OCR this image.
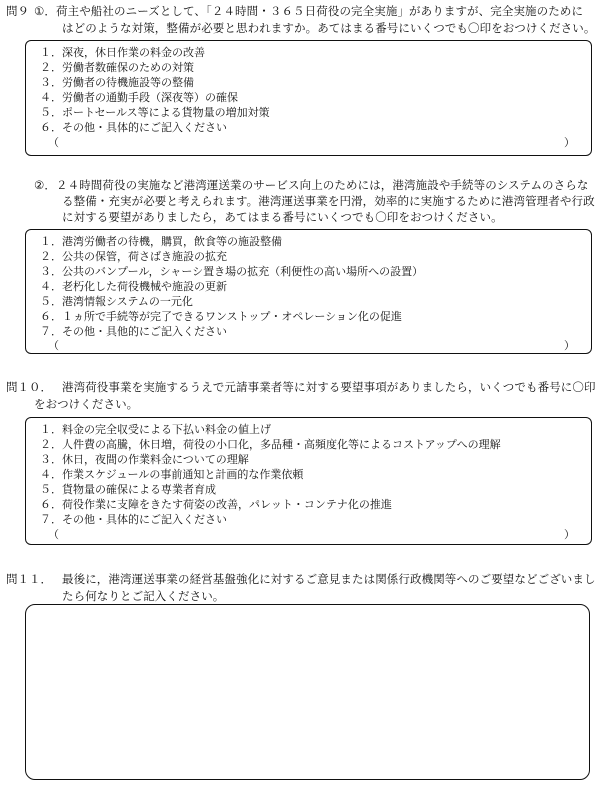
問９ ①．荷主や船社のニーズとして、「２４時間・３６５日荷役の完全実施」がありますが、完全実施のために
はどのような対策，整備が必要と思われますか。あてはまる番号にいくつでも〇印をおつけください。
１．深夜，休日作業の料金の改善
２．労働者数確保のための対策
３．労働者の待機施設等の整備
４．労働者の通勤手段（深夜等）の確保
５．ポートセールス等による貨物量の増加対策
６．その他・具体的にご記入ください
（	）
②．２４時間荷役の実施など港湾運送業のサービス向上のためには，港湾施設や手続等のシステムのさらな
る整備・充実が必要と考えられます。港湾運送事業を円滑，効率的に実施するために港湾管理者や行政
に対する要望がありましたら，あてはまる番号にいくつでも〇印をおつけください。
１．港湾労働者の待機，購買，飲食等の施設整備
２．公共の保管，荷さばき施設の拡充
３．公共のバンプール，シャーシ置き場の拡充（利便性の高い場所への設置）
４．老朽化した荷役機械や施設の更新
５．港湾情報システムの一元化
６．１ヵ所で手続等が完了できるワンストップ・オペレーション化の促進
７．その他・具他的にご記入ください
（	）
問１０． 港湾荷役事業を実施するうえで元請事業者等に対する要望事項がありましたら，いくつでも番号に〇印
をおつけください。
１．料金の完全収受による下払い料金の値上げ
２．人件費の高騰，休日増，荷役の小口化，多品種・高頻度化等によるコストアップへの理解
３．休日，夜間の作業料金についての理解
４．作業スケジュールの事前通知と計画的な作業依頼
５．貨物量の確保による専業者育成
６．荷役作業に支障をきたす荷姿の改善，パレット・コンテナ化の推進
７．その他・具体的にご記入ください
（	）
問１１． 最後に，港湾運送事業の経営基盤強化に対するご意見または関係行政機関等へのご要望などございまし
たら何なりとご記入ください。
